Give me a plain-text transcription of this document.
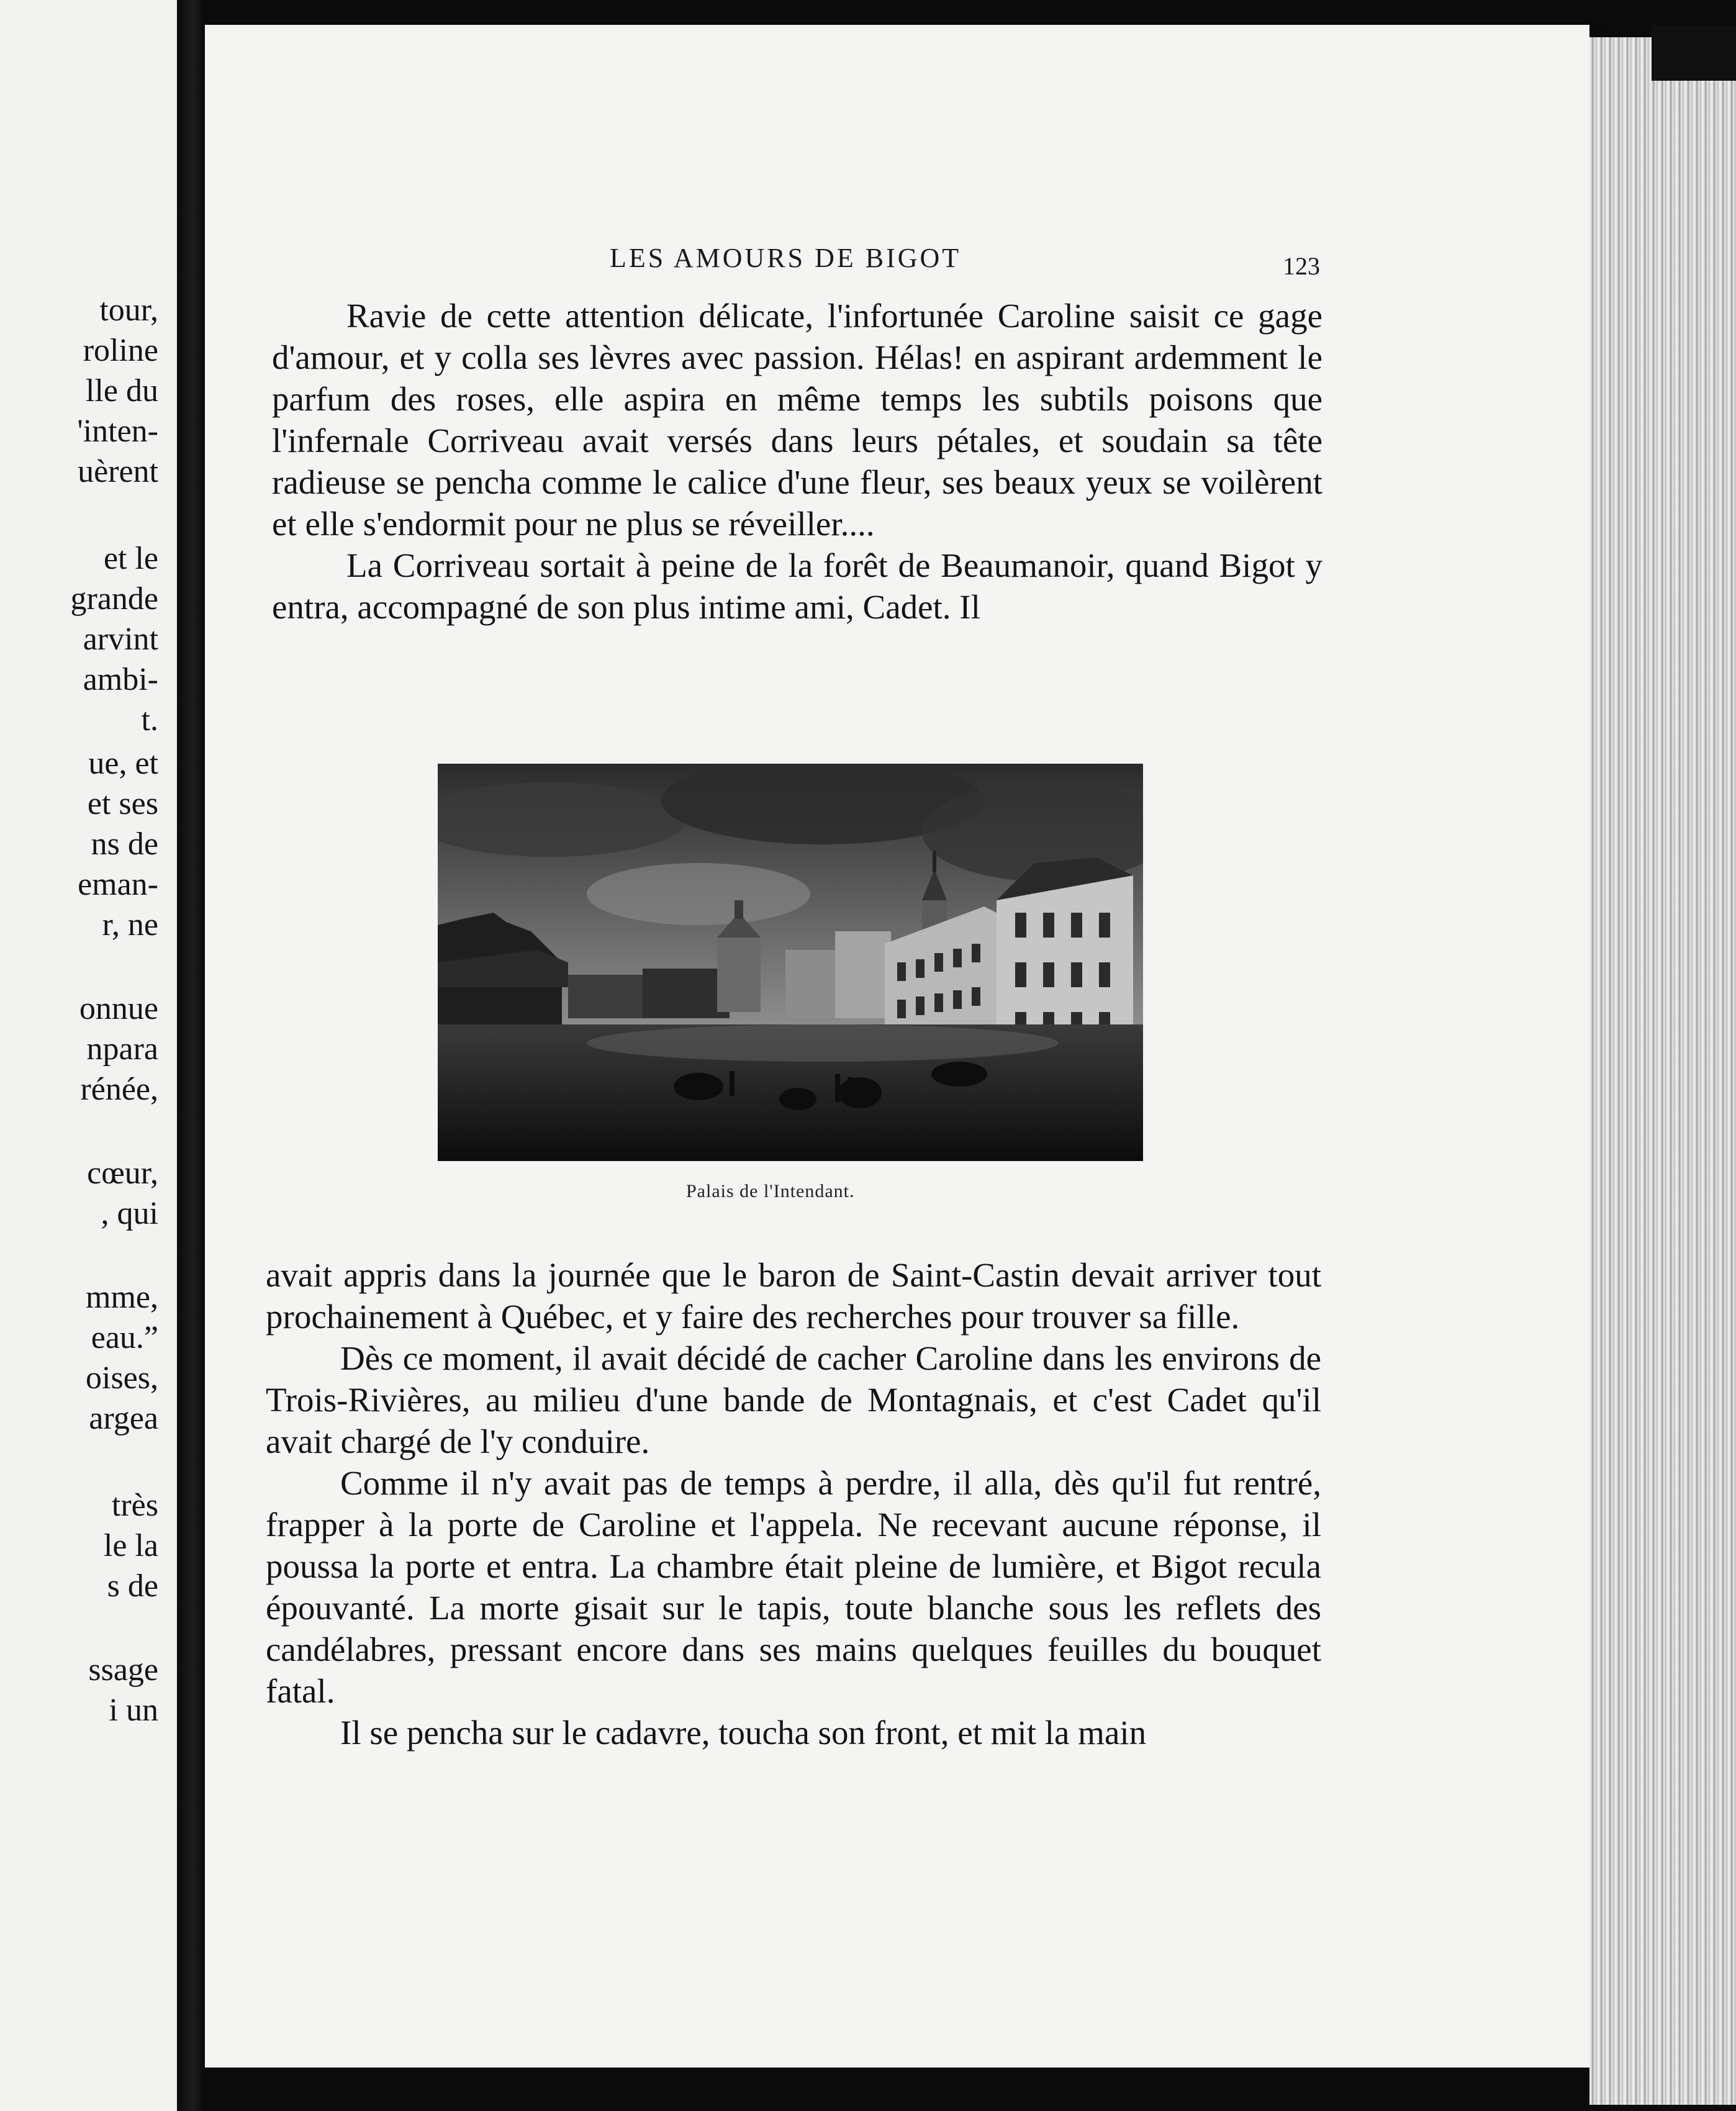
tour,
roline
lle du
'inten-
uèrent
et le
grande
arvint
ambi-
t.
ue, et
et ses
ns de
eman-
r, ne
onnue
npara
rénée,
cœur,
, qui
mme,
eau.”
oises,
argea
très
le la
s de
ssage
i un
LES AMOURS DE BIGOT	123

Ravie de cette attention délicate, l'infortunée Caroline saisit ce gage d'amour, et y colla ses lèvres avec passion. Hélas! en aspirant ardemment le parfum des roses, elle aspira en même temps les subtils poisons que l'infernale Corriveau avait versés dans leurs pétales, et soudain sa tête radieuse se pencha comme le calice d'une fleur, ses beaux yeux se voilèrent et elle s'endormit pour ne plus se réveiller....

La Corriveau sortait à peine de la forêt de Beaumanoir, quand Bigot y entra, accompagné de son plus intime ami, Cadet. Il

Palais de l'Intendant.

avait appris dans la journée que le baron de Saint-Castin devait arriver tout prochainement à Québec, et y faire des recherches pour trouver sa fille.

Dès ce moment, il avait décidé de cacher Caroline dans les environs de Trois-Rivières, au milieu d'une bande de Montagnais, et c'est Cadet qu'il avait chargé de l'y conduire.

Comme il n'y avait pas de temps à perdre, il alla, dès qu'il fut rentré, frapper à la porte de Caroline et l'appela. Ne recevant aucune réponse, il poussa la porte et entra. La chambre était pleine de lumière, et Bigot recula épouvanté. La morte gisait sur le tapis, toute blanche sous les reflets des candélabres, pressant encore dans ses mains quelques feuilles du bouquet fatal.

Il se pencha sur le cadavre, toucha son front, et mit la main
